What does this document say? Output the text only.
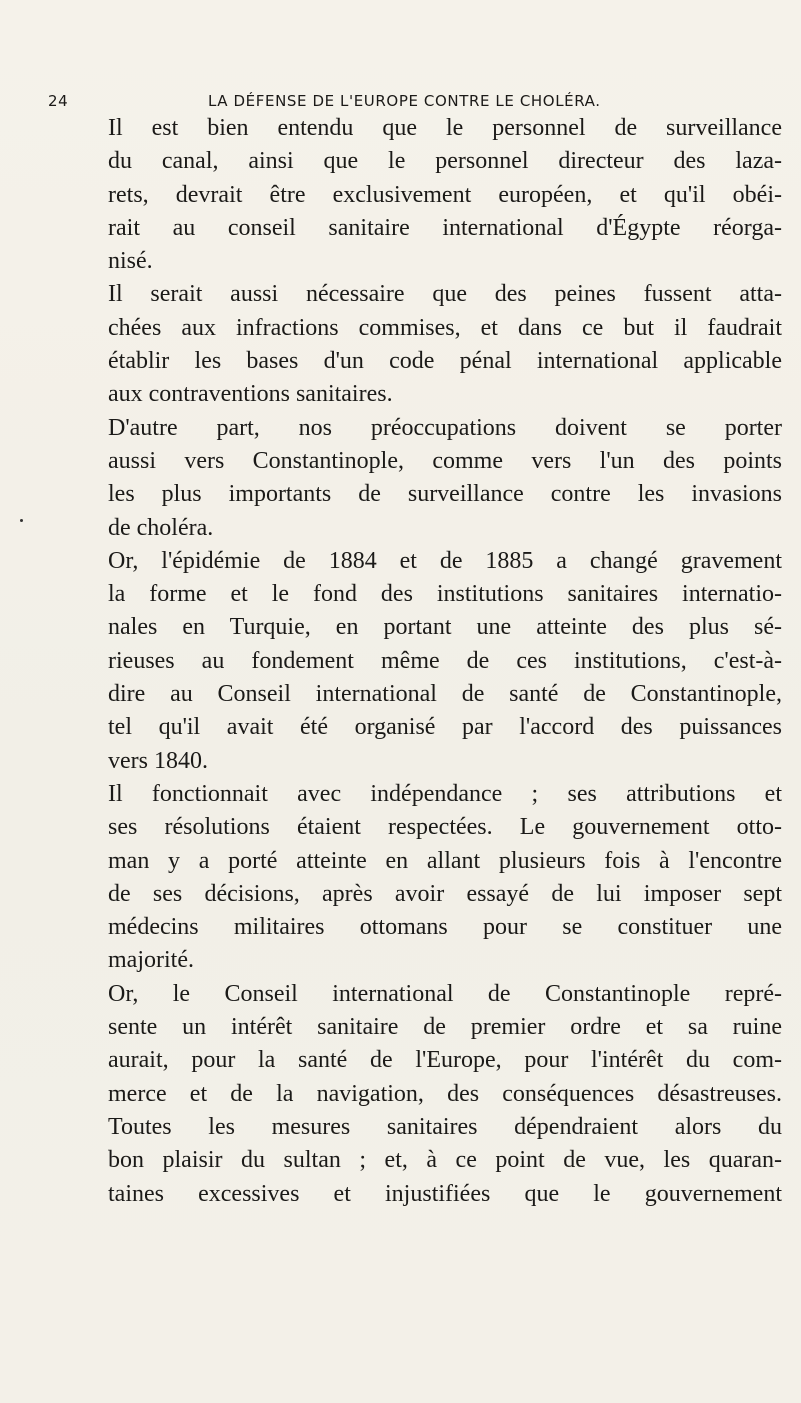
24	LA DÉFENSE DE L'EUROPE CONTRE LE CHOLÉRA.

Il est bien entendu que le personnel de surveillance
du canal, ainsi que le personnel directeur des laza-
rets, devrait être exclusivement européen, et qu'il obéi-
rait au conseil sanitaire international d'Égypte réorga-
nisé.

Il serait aussi nécessaire que des peines fussent atta-
chées aux infractions commises, et dans ce but il faudrait
établir les bases d'un code pénal international applicable
aux contraventions sanitaires.

D'autre part, nos préoccupations doivent se porter
aussi vers Constantinople, comme vers l'un des points
les plus importants de surveillance contre les invasions
de choléra.

Or, l'épidémie de 1884 et de 1885 a changé gravement
la forme et le fond des institutions sanitaires internatio-
nales en Turquie, en portant une atteinte des plus sé-
rieuses au fondement même de ces institutions, c'est-à-
dire au Conseil international de santé de Constantinople,
tel qu'il avait été organisé par l'accord des puissances
vers 1840.

Il fonctionnait avec indépendance ; ses attributions et
ses résolutions étaient respectées. Le gouvernement otto-
man y a porté atteinte en allant plusieurs fois à l'encontre
de ses décisions, après avoir essayé de lui imposer sept
médecins militaires ottomans pour se constituer une
majorité.

Or, le Conseil international de Constantinople repré-
sente un intérêt sanitaire de premier ordre et sa ruine
aurait, pour la santé de l'Europe, pour l'intérêt du com-
merce et de la navigation, des conséquences désastreuses.

Toutes les mesures sanitaires dépendraient alors du
bon plaisir du sultan ; et, à ce point de vue, les quaran-
taines excessives et injustifiées que le gouvernement
